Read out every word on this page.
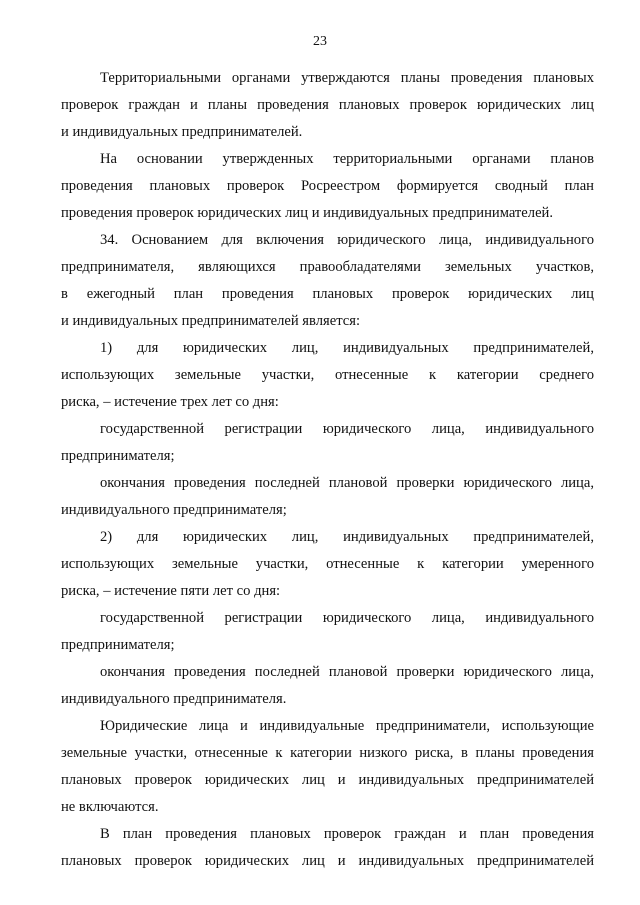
23
Территориальными органами утверждаются планы проведения плановых
проверок граждан и планы проведения плановых проверок юридических лиц
и индивидуальных предпринимателей.
На основании утвержденных территориальными органами планов
проведения плановых проверок Росреестром формируется сводный план
проведения проверок юридических лиц и индивидуальных предпринимателей.
34. Основанием для включения юридического лица, индивидуального
предпринимателя, являющихся правообладателями земельных участков,
в ежегодный план проведения плановых проверок юридических лиц
и индивидуальных предпринимателей является:
1) для юридических лиц, индивидуальных предпринимателей,
использующих земельные участки, отнесенные к категории среднего
риска, – истечение трех лет со дня:
государственной регистрации юридического лица, индивидуального
предпринимателя;
окончания проведения последней плановой проверки юридического лица,
индивидуального предпринимателя;
2) для юридических лиц, индивидуальных предпринимателей,
использующих земельные участки, отнесенные к категории умеренного
риска, – истечение пяти лет со дня:
государственной регистрации юридического лица, индивидуального
предпринимателя;
окончания проведения последней плановой проверки юридического лица,
индивидуального предпринимателя.
Юридические лица и индивидуальные предприниматели, использующие
земельные участки, отнесенные к категории низкого риска, в планы проведения
плановых проверок юридических лиц и индивидуальных предпринимателей
не включаются.
В план проведения плановых проверок граждан и план проведения
плановых проверок юридических лиц и индивидуальных предпринимателей
